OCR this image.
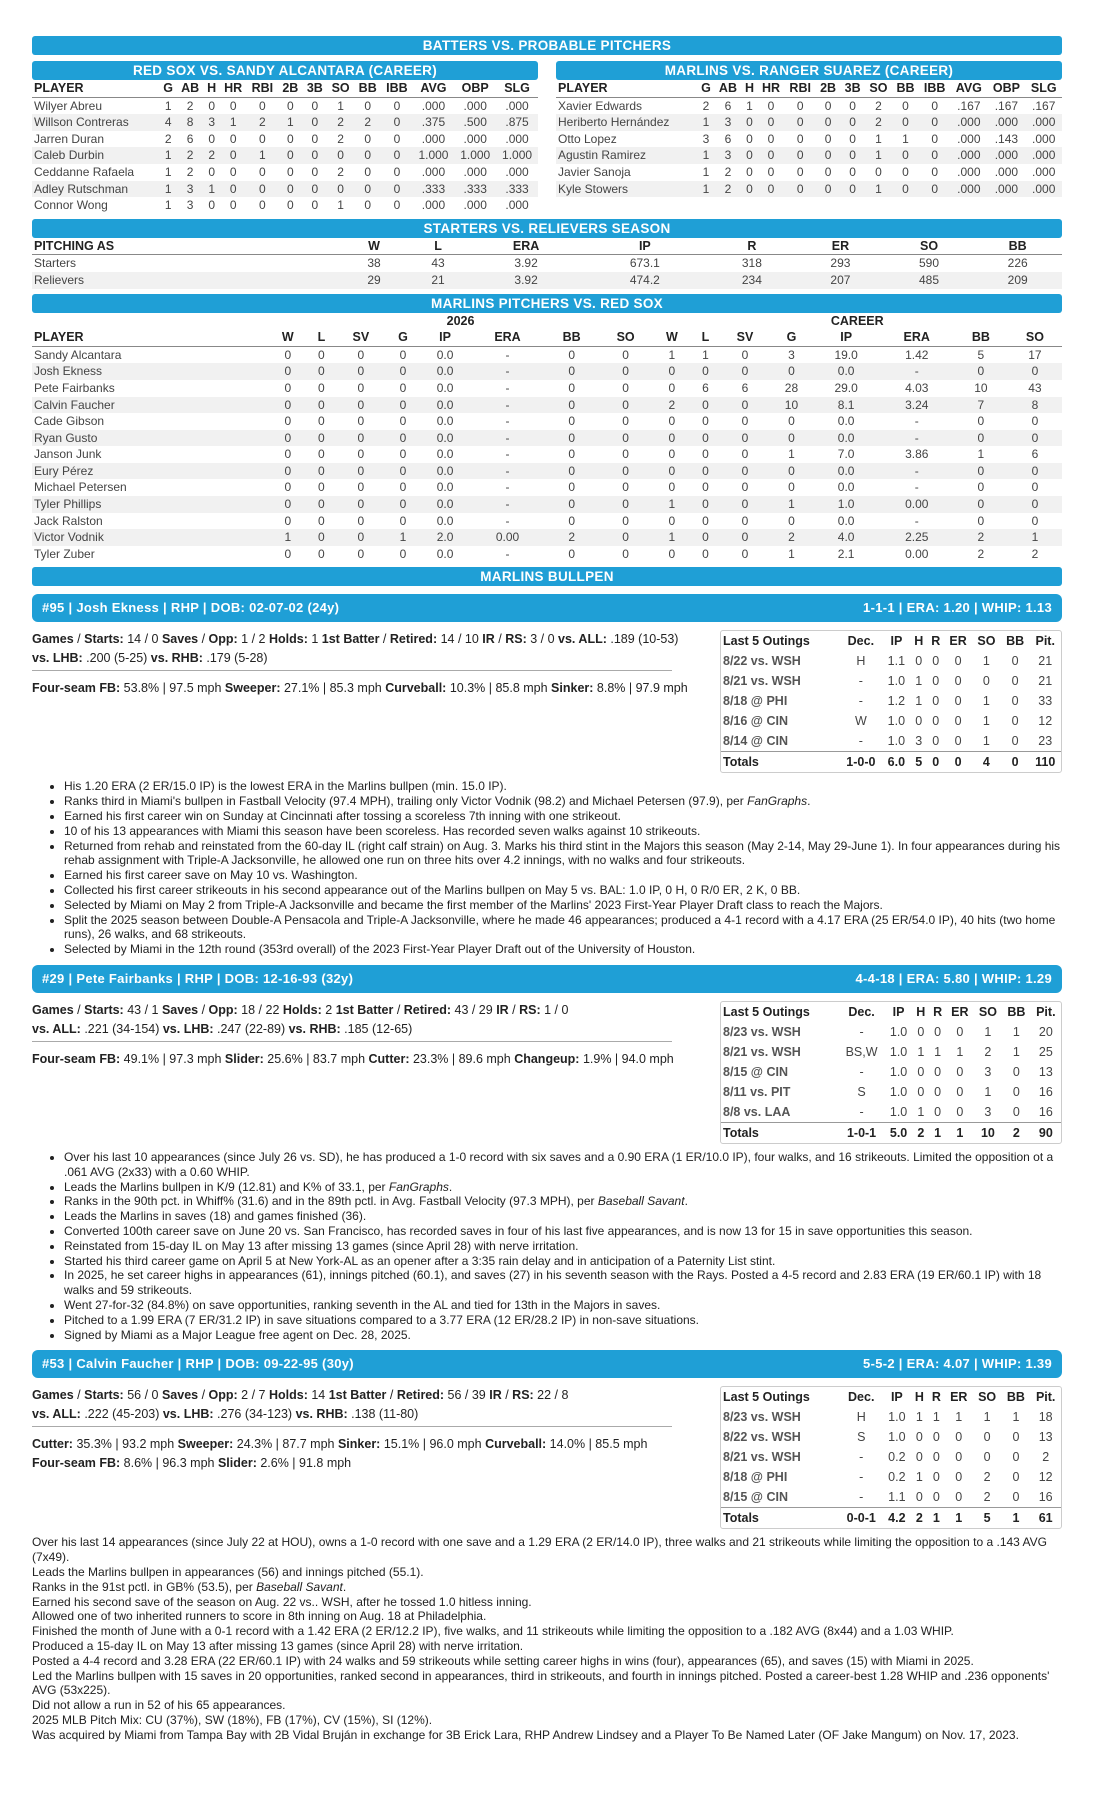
BATTERS VS. PROBABLE PITCHERS
RED SOX VS. SANDY ALCANTARA (CAREER)
PLAYER	G	AB	H	HR	RBI	2B	3B	SO	BB	IBB	AVG	OBP	SLG
Wilyer Abreu	1	2	0	0	0	0	0	1	0	0	.000	.000	.000
Willson Contreras	4	8	3	1	2	1	0	2	2	0	.375	.500	.875
Jarren Duran	2	6	0	0	0	0	0	2	0	0	.000	.000	.000
Caleb Durbin	1	2	2	0	1	0	0	0	0	0	1.000	1.000	1.000
Ceddanne Rafaela	1	2	0	0	0	0	0	2	0	0	.000	.000	.000
Adley Rutschman	1	3	1	0	0	0	0	0	0	0	.333	.333	.333
Connor Wong	1	3	0	0	0	0	0	1	0	0	.000	.000	.000
MARLINS VS. RANGER SUAREZ (CAREER)
PLAYER	G	AB	H	HR	RBI	2B	3B	SO	BB	IBB	AVG	OBP	SLG
Xavier Edwards	2	6	1	0	0	0	0	2	0	0	.167	.167	.167
Heriberto Hernández	1	3	0	0	0	0	0	2	0	0	.000	.000	.000
Otto Lopez	3	6	0	0	0	0	0	1	1	0	.000	.143	.000
Agustin Ramirez	1	3	0	0	0	0	0	1	0	0	.000	.000	.000
Javier Sanoja	1	2	0	0	0	0	0	0	0	0	.000	.000	.000
Kyle Stowers	1	2	0	0	0	0	0	1	0	0	.000	.000	.000
STARTERS VS. RELIEVERS SEASON
PITCHING AS	W	L	ERA	IP	R	ER	SO	BB
Starters	38	43	3.92	673.1	318	293	590	226
Relievers	29	21	3.92	474.2	234	207	485	209
MARLINS PITCHERS VS. RED SOX
	2026								CAREER							
PLAYER	W	L	SV	G	IP	ERA	BB	SO	W	L	SV	G	IP	ERA	BB	SO
Sandy Alcantara	0	0	0	0	0.0	-	0	0	1	1	0	3	19.0	1.42	5	17
Josh Ekness	0	0	0	0	0.0	-	0	0	0	0	0	0	0.0	-	0	0
Pete Fairbanks	0	0	0	0	0.0	-	0	0	0	6	6	28	29.0	4.03	10	43
Calvin Faucher	0	0	0	0	0.0	-	0	0	2	0	0	10	8.1	3.24	7	8
Cade Gibson	0	0	0	0	0.0	-	0	0	0	0	0	0	0.0	-	0	0
Ryan Gusto	0	0	0	0	0.0	-	0	0	0	0	0	0	0.0	-	0	0
Janson Junk	0	0	0	0	0.0	-	0	0	0	0	0	1	7.0	3.86	1	6
Eury Pérez	0	0	0	0	0.0	-	0	0	0	0	0	0	0.0	-	0	0
Michael Petersen	0	0	0	0	0.0	-	0	0	0	0	0	0	0.0	-	0	0
Tyler Phillips	0	0	0	0	0.0	-	0	0	1	0	0	1	1.0	0.00	0	0
Jack Ralston	0	0	0	0	0.0	-	0	0	0	0	0	0	0.0	-	0	0
Victor Vodnik	1	0	0	1	2.0	0.00	2	0	1	0	0	2	4.0	2.25	2	1
Tyler Zuber	0	0	0	0	0.0	-	0	0	0	0	0	1	2.1	0.00	2	2
MARLINS BULLPEN
#95 | Josh Ekness | RHP | DOB: 02-07-02 (24y)	1-1-1 | ERA: 1.20 | WHIP: 1.13
Games / Starts: 14 / 0 Saves / Opp: 1 / 2 Holds: 1 1st Batter / Retired: 14 / 10 IR / RS: 3 / 0 vs. ALL: .189 (10-53)
vs. LHB: .200 (5-25) vs. RHB: .179 (5-28)
Four-seam FB: 53.8% | 97.5 mph Sweeper: 27.1% | 85.3 mph Curveball: 10.3% | 85.8 mph Sinker: 8.8% | 97.9 mph
Last 5 Outings	Dec.	IP	H	R	ER	SO	BB	Pit.
8/22 vs. WSH	H	1.1	0	0	0	1	0	21
8/21 vs. WSH	-	1.0	1	0	0	0	0	21
8/18 @ PHI	-	1.2	1	0	0	1	0	33
8/16 @ CIN	W	1.0	0	0	0	1	0	12
8/14 @ CIN	-	1.0	3	0	0	1	0	23
Totals	1-0-0	6.0	5	0	0	4	0	110
• His 1.20 ERA (2 ER/15.0 IP) is the lowest ERA in the Marlins bullpen (min. 15.0 IP).
• Ranks third in Miami's bullpen in Fastball Velocity (97.4 MPH), trailing only Victor Vodnik (98.2) and Michael Petersen (97.9), per FanGraphs.
• Earned his first career win on Sunday at Cincinnati after tossing a scoreless 7th inning with one strikeout.
• 10 of his 13 appearances with Miami this season have been scoreless. Has recorded seven walks against 10 strikeouts.
• Returned from rehab and reinstated from the 60-day IL (right calf strain) on Aug. 3. Marks his third stint in the Majors this season (May 2-14, May 29-June 1). In four appearances during his rehab assignment with Triple-A Jacksonville, he allowed one run on three hits over 4.2 innings, with no walks and four strikeouts.
• Earned his first career save on May 10 vs. Washington.
• Collected his first career strikeouts in his second appearance out of the Marlins bullpen on May 5 vs. BAL: 1.0 IP, 0 H, 0 R/0 ER, 2 K, 0 BB.
• Selected by Miami on May 2 from Triple-A Jacksonville and became the first member of the Marlins' 2023 First-Year Player Draft class to reach the Majors.
• Split the 2025 season between Double-A Pensacola and Triple-A Jacksonville, where he made 46 appearances; produced a 4-1 record with a 4.17 ERA (25 ER/54.0 IP), 40 hits (two home runs), 26 walks, and 68 strikeouts.
• Selected by Miami in the 12th round (353rd overall) of the 2023 First-Year Player Draft out of the University of Houston.
#29 | Pete Fairbanks | RHP | DOB: 12-16-93 (32y)	4-4-18 | ERA: 5.80 | WHIP: 1.29
Games / Starts: 43 / 1 Saves / Opp: 18 / 22 Holds: 2 1st Batter / Retired: 43 / 29 IR / RS: 1 / 0
vs. ALL: .221 (34-154) vs. LHB: .247 (22-89) vs. RHB: .185 (12-65)
Four-seam FB: 49.1% | 97.3 mph Slider: 25.6% | 83.7 mph Cutter: 23.3% | 89.6 mph Changeup: 1.9% | 94.0 mph
Last 5 Outings	Dec.	IP	H	R	ER	SO	BB	Pit.
8/23 vs. WSH	-	1.0	0	0	0	1	1	20
8/21 vs. WSH	BS,W	1.0	1	1	1	2	1	25
8/15 @ CIN	-	1.0	0	0	0	3	0	13
8/11 vs. PIT	S	1.0	0	0	0	1	0	16
8/8 vs. LAA	-	1.0	1	0	0	3	0	16
Totals	1-0-1	5.0	2	1	1	10	2	90
• Over his last 10 appearances (since July 26 vs. SD), he has produced a 1-0 record with six saves and a 0.90 ERA (1 ER/10.0 IP), four walks, and 16 strikeouts. Limited the opposition ot a .061 AVG (2x33) with a 0.60 WHIP.
• Leads the Marlins bullpen in K/9 (12.81) and K% of 33.1, per FanGraphs.
• Ranks in the 90th pct. in Whiff% (31.6) and in the 89th pctl. in Avg. Fastball Velocity (97.3 MPH), per Baseball Savant.
• Leads the Marlins in saves (18) and games finished (36).
• Converted 100th career save on June 20 vs. San Francisco, has recorded saves in four of his last five appearances, and is now 13 for 15 in save opportunities this season.
• Reinstated from 15-day IL on May 13 after missing 13 games (since April 28) with nerve irritation.
• Started his third career game on April 5 at New York-AL as an opener after a 3:35 rain delay and in anticipation of a Paternity List stint.
• In 2025, he set career highs in appearances (61), innings pitched (60.1), and saves (27) in his seventh season with the Rays. Posted a 4-5 record and 2.83 ERA (19 ER/60.1 IP) with 18 walks and 59 strikeouts.
• Went 27-for-32 (84.8%) on save opportunities, ranking seventh in the AL and tied for 13th in the Majors in saves.
• Pitched to a 1.99 ERA (7 ER/31.2 IP) in save situations compared to a 3.77 ERA (12 ER/28.2 IP) in non-save situations.
• Signed by Miami as a Major League free agent on Dec. 28, 2025.
#53 | Calvin Faucher | RHP | DOB: 09-22-95 (30y)	5-5-2 | ERA: 4.07 | WHIP: 1.39
Games / Starts: 56 / 0 Saves / Opp: 2 / 7 Holds: 14 1st Batter / Retired: 56 / 39 IR / RS: 22 / 8
vs. ALL: .222 (45-203) vs. LHB: .276 (34-123) vs. RHB: .138 (11-80)
Cutter: 35.3% | 93.2 mph Sweeper: 24.3% | 87.7 mph Sinker: 15.1% | 96.0 mph Curveball: 14.0% | 85.5 mph
Four-seam FB: 8.6% | 96.3 mph Slider: 2.6% | 91.8 mph
Last 5 Outings	Dec.	IP	H	R	ER	SO	BB	Pit.
8/23 vs. WSH	H	1.0	1	1	1	1	1	18
8/22 vs. WSH	S	1.0	0	0	0	0	0	13
8/21 vs. WSH	-	0.2	0	0	0	0	0	2
8/18 @ PHI	-	0.2	1	0	0	2	0	12
8/15 @ CIN	-	1.1	0	0	0	2	0	16
Totals	0-0-1	4.2	2	1	1	5	1	61
Over his last 14 appearances (since July 22 at HOU), owns a 1-0 record with one save and a 1.29 ERA (2 ER/14.0 IP), three walks and 21 strikeouts while limiting the opposition to a .143 AVG (7x49).
Leads the Marlins bullpen in appearances (56) and innings pitched (55.1).
Ranks in the 91st pctl. in GB% (53.5), per Baseball Savant.
Earned his second save of the season on Aug. 22 vs.. WSH, after he tossed 1.0 hitless inning.
Allowed one of two inherited runners to score in 8th inning on Aug. 18 at Philadelphia.
Finished the month of June with a 0-1 record with a 1.42 ERA (2 ER/12.2 IP), five walks, and 11 strikeouts while limiting the opposition to a .182 AVG (8x44) and a 1.03 WHIP.
Produced a 15-day IL on May 13 after missing 13 games (since April 28) with nerve irritation.
Posted a 4-4 record and 3.28 ERA (22 ER/60.1 IP) with 24 walks and 59 strikeouts while setting career highs in wins (four), appearances (65), and saves (15) with Miami in 2025.
Led the Marlins bullpen with 15 saves in 20 opportunities, ranked second in appearances, third in strikeouts, and fourth in innings pitched. Posted a career-best 1.28 WHIP and .236 opponents' AVG (53x225).
Did not allow a run in 52 of his 65 appearances.
2025 MLB Pitch Mix: CU (37%), SW (18%), FB (17%), CV (15%), SI (12%).
Was acquired by Miami from Tampa Bay with 2B Vidal Bruján in exchange for 3B Erick Lara, RHP Andrew Lindsey and a Player To Be Named Later (OF Jake Mangum) on Nov. 17, 2023.
